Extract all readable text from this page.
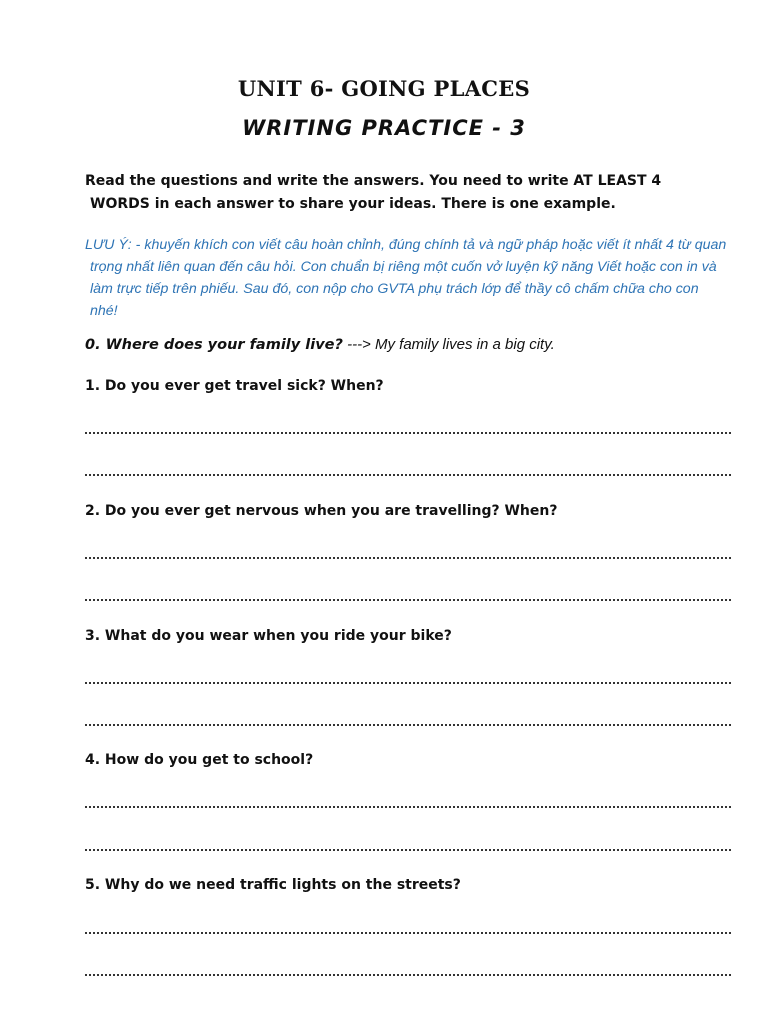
UNIT 6- GOING PLACES
WRITING PRACTICE - 3
Read the questions and write the answers. You need to write AT LEAST 4
WORDS in each answer to share your ideas. There is one example.
LƯU Ý: - khuyến khích con viết câu hoàn chỉnh, đúng chính tả và ngữ pháp hoặc viết ít nhất 4 từ quan
trọng nhất liên quan đến câu hỏi. Con chuẩn bị riêng một cuốn vở luyện kỹ năng Viết hoặc con in và
làm trực tiếp trên phiếu. Sau đó, con nộp cho GVTA phụ trách lớp để thầy cô chấm chữa cho con
nhé!
0. Where does your family live? ---> My family lives in a big city.
1. Do you ever get travel sick? When?
2. Do you ever get nervous when you are travelling? When?
3. What do you wear when you ride your bike?
4. How do you get to school?
5. Why do we need traffic lights on the streets?
